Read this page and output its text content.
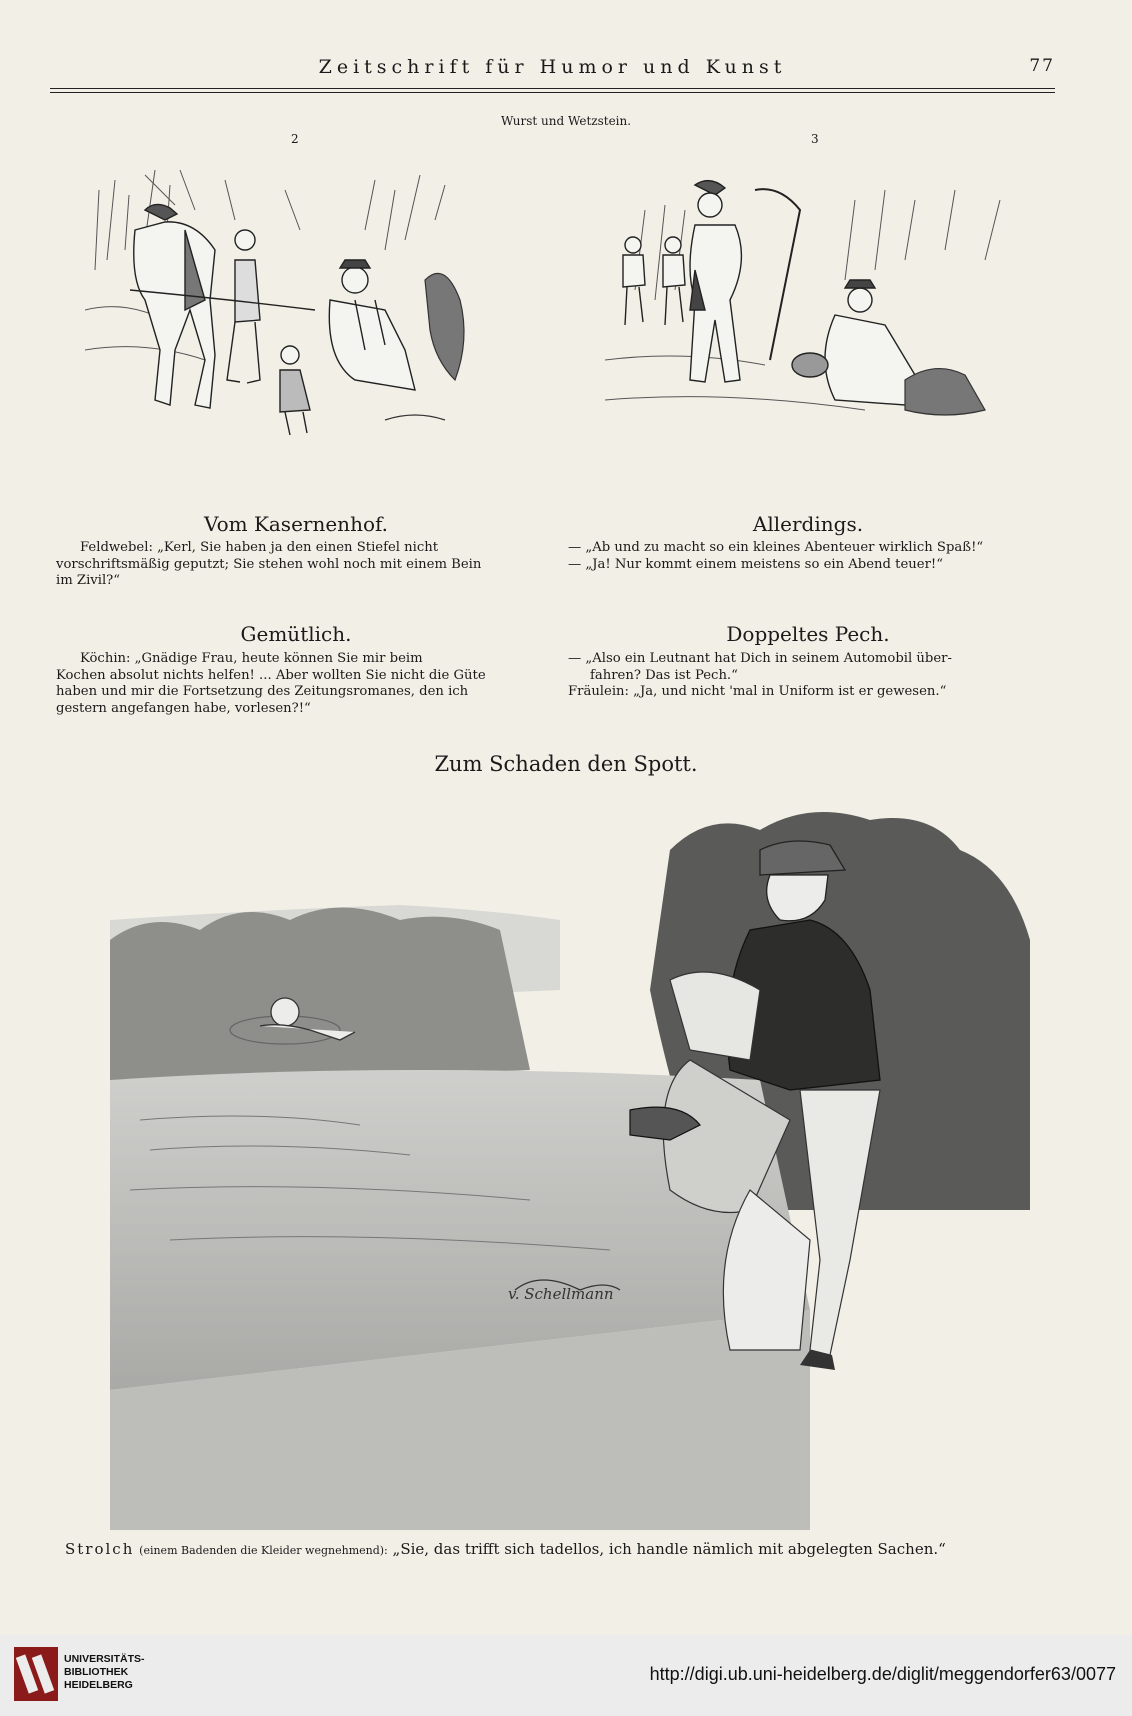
Zeitschrift für Humor und Kunst	77
Wurst und Wetzstein.
2	3
Vom Kasernenhof.
Feldwebel: „Kerl, Sie haben ja den einen Stiefel nicht
vorschriftsmäßig geputzt; Sie stehen wohl noch mit einem Bein
im Zivil?“
Allerdings.
— „Ab und zu macht so ein kleines Abenteuer wirklich Spaß!“
— „Ja! Nur kommt einem meistens so ein Abend teuer!“
Gemütlich.
Köchin: „Gnädige Frau, heute können Sie mir beim
Kochen absolut nichts helfen! ... Aber wollten Sie nicht die Güte
haben und mir die Fortsetzung des Zeitungsromanes, den ich
gestern angefangen habe, vorlesen?!“
Doppeltes Pech.
— „Also ein Leutnant hat Dich in seinem Automobil über-
fahren? Das ist Pech.“
Fräulein: „Ja, und nicht 'mal in Uniform ist er gewesen.“
Zum Schaden den Spott.
v. Schellmann
Strolch (einem Badenden die Kleider wegnehmend): „Sie, das trifft sich tadellos, ich handle nämlich mit abgelegten Sachen.“
UNIVERSITÄTS-
BIBLIOTHEK
HEIDELBERG
http://digi.ub.uni-heidelberg.de/diglit/meggendorfer63/0077
